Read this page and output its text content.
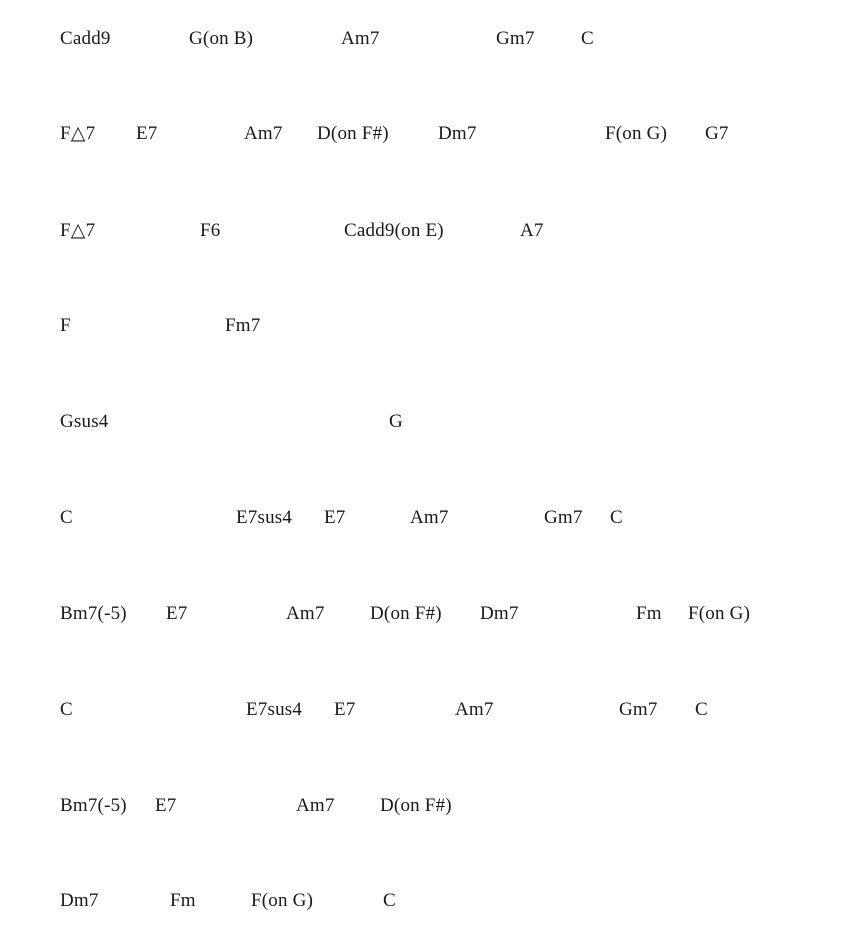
Cadd9	G(on B)	Am7	Gm7 C
F△7 E7	Am7 D(on F#)	Dm7	F(on G) G7
F△7	F6	Cadd9(on E)	A7
F	Fm7
Gsus4	G
C	E7sus4 E7	Am7	Gm7 C
Bm7(-5) E7	Am7 D(on F#) Dm7	Fm F(on G)
C	E7sus4 E7	Am7	Gm7 C
Bm7(-5) E7	Am7 D(on F#)
Dm7	Fm	F(on G)	C
